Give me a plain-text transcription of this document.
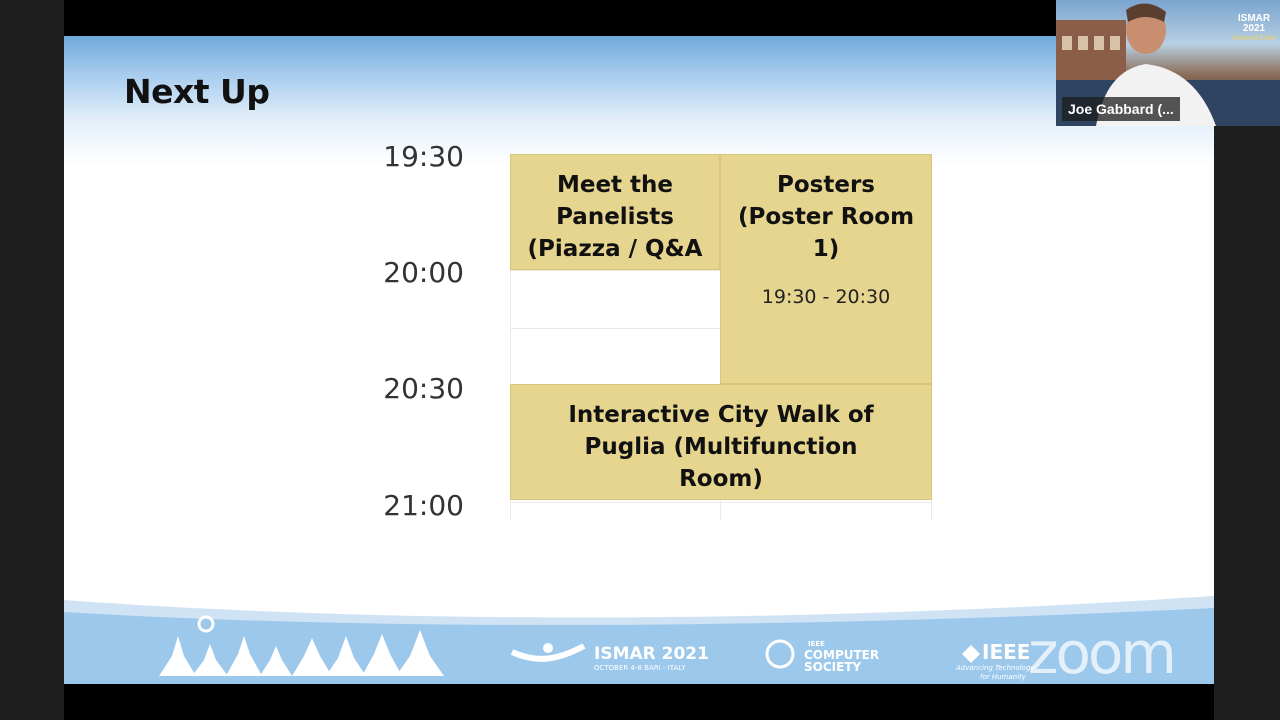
Next Up
19:30
20:00
20:30
21:00
Meet the
Panelists
(Piazza / Q&A
Posters
(Poster Room
1)
19:30 - 20:30
Interactive City Walk of
Puglia (Multifunction
Room)
ISMAR 2021
OCTOBER 4-8 BARI - ITALY
IEEE
COMPUTER
SOCIETY
IEEE
Advancing Technology
for Humanity
Joe Gabbard (...
ISMAR 2021
General Chair
zoom
